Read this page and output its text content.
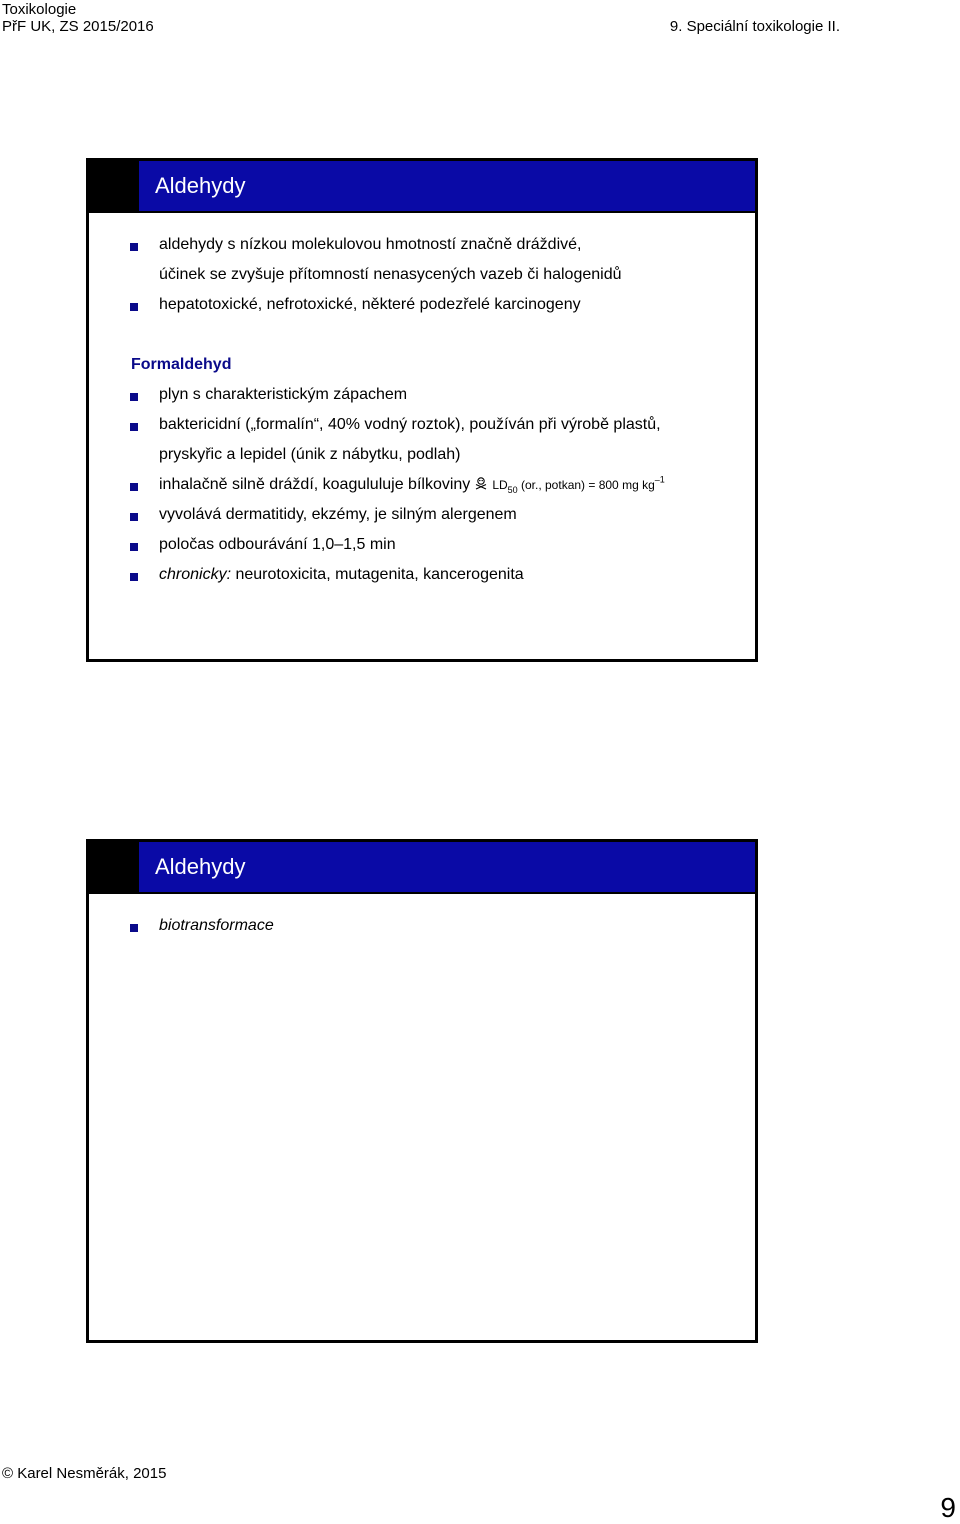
Toxikologie
PřF UK, ZS 2015/2016	9. Speciální toxikologie II.
Aldehydy
aldehydy s nízkou molekulovou hmotností značně dráždivé,
účinek se zvyšuje přítomností nenasycených vazeb či halogenidů
hepatotoxické, nefrotoxické, některé podezřelé karcinogeny
Formaldehyd
plyn s charakteristickým zápachem
baktericidní („formalín“, 40% vodný roztok), používán při výrobě plastů,
pryskyřic a lepidel (únik z nábytku, podlah)
inhalačně silně dráždí, koagululuje bílkoviny $LD_{50}$ (or., potkan) = 800 mg $kg^{-1}$
vyvolává dermatitidy, ekzémy, je silným alergenem
poločas odbourávání 1,0–1,5 min
chronicky: neurotoxicita, mutagenita, kancerogenita
Aldehydy
biotransformace
© Karel Nesměrák, 2015
9
